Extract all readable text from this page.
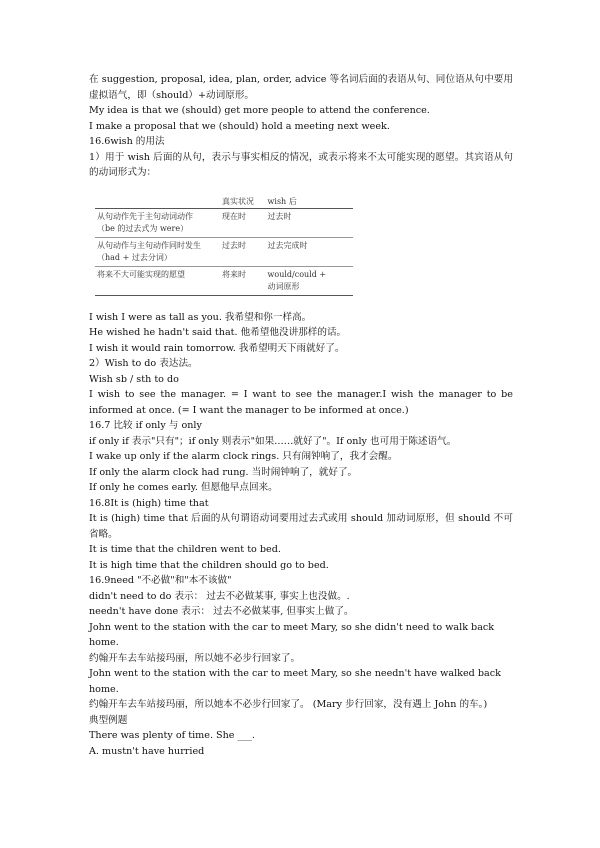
在 suggestion, proposal, idea, plan, order, advice 等名词后面的表语从句、同位语从句中要用虚拟语气，即（should）+动词原形。

My idea is that we (should) get more people to attend the conference.

I make a proposal that we (should) hold a meeting next week.

16.6wish 的用法

1）用于 wish 后面的从句，表示与事实相反的情况，或表示将来不太可能实现的愿望。其宾语从句的动词形式为：

	真实状况	wish 后
从句动作先于主句动词动作
（be 的过去式为 were）	现在时	过去时
从句动作与主句动作同时发生
（had + 过去分词）	过去时	过去完成时
将来不大可能实现的愿望	将来时	would/could +
动词原形

I wish I were as tall as you. 我希望和你一样高。

He wished he hadn't said that. 他希望他没讲那样的话。

I wish it would rain tomorrow. 我希望明天下雨就好了。

2）Wish to do 表达法。

Wish sb / sth to do

I wish to see the manager. = I want to see the manager.I wish the manager to be informed at once. (= I want the manager to be informed at once.)

16.7 比较 if only 与 only

if only if 表示"只有"；if only 则表示"如果……就好了"。If only 也可用于陈述语气。

I wake up only if the alarm clock rings. 只有闹钟响了，我才会醒。

If only the alarm clock had rung. 当时闹钟响了，就好了。

If only he comes early. 但愿他早点回来。

16.8It is (high) time that

It is (high) time that 后面的从句谓语动词要用过去式或用 should 加动词原形，但 should 不可省略。

It is time that the children went to bed.

It is high time that the children should go to bed.

16.9need "不必做"和"本不该做"

didn't need to do 表示： 过去不必做某事, 事实上也没做。.

needn't have done 表示： 过去不必做某事, 但事实上做了。

John went to the station with the car to meet Mary, so she didn't need to walk back home.

约翰开车去车站接玛丽，所以她不必步行回家了。

John went to the station with the car to meet Mary, so she needn't have walked back home.

约翰开车去车站接玛丽，所以她本不必步行回家了。 (Mary 步行回家，没有遇上 John 的车。)

典型例题

There was plenty of time. She ___.

A. mustn't have hurried
